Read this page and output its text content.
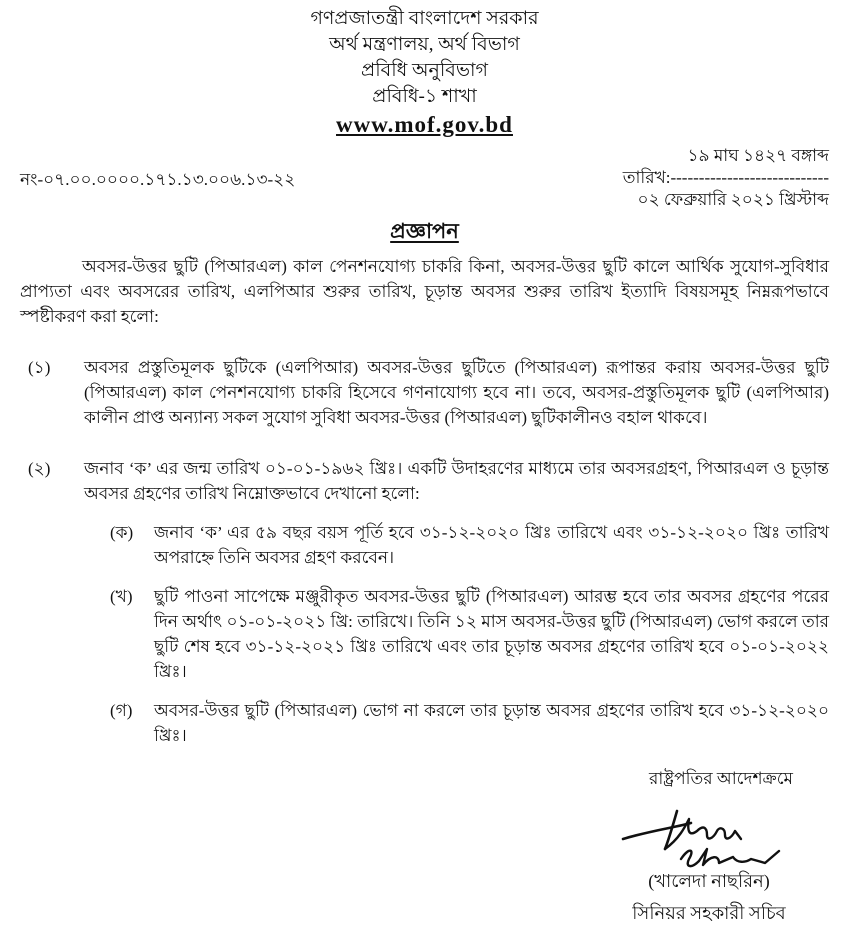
গণপ্রজাতন্ত্রী বাংলাদেশ সরকার
অর্থ মন্ত্রণালয়, অর্থ বিভাগ
প্রবিধি অনুবিভাগ
প্রবিধি-১ শাখা
www.mof.gov.bd
নং-০৭.০০.০০০০.১৭১.১৩.০০৬.১৩-২২
১৯ মাঘ ১৪২৭ বঙ্গাব্দ
তারিখ:----------------------------
০২ ফেব্রুয়ারি ২০২১ খ্রিস্টাব্দ
প্রজ্ঞাপন

অবসর-উত্তর ছুটি (পিআরএল) কাল পেনশনযোগ্য চাকরি কিনা, অবসর-উত্তর ছুটি কালে আর্থিক সুযোগ-সুবিধার প্রাপ্যতা এবং অবসরের তারিখ, এলপিআর শুরুর তারিখ, চূড়ান্ত অবসর শুরুর তারিখ ইত্যাদি বিষয়সমূহ নিম্নরূপভাবে স্পষ্টীকরণ করা হলো:

(১)	অবসর প্রস্তুতিমূলক ছুটিকে (এলপিআর) অবসর-উত্তর ছুটিতে (পিআরএল) রূপান্তর করায় অবসর-উত্তর ছুটি (পিআরএল) কাল পেনশনযোগ্য চাকরি হিসেবে গণনাযোগ্য হবে না। তবে, অবসর-প্রস্তুতিমূলক ছুটি (এলপিআর) কালীন প্রাপ্ত অন্যান্য সকল সুযোগ সুবিধা অবসর-উত্তর (পিআরএল) ছুটিকালীনও বহাল থাকবে।
(২)	জনাব ‘ক’ এর জন্ম তারিখ ০১-০১-১৯৬২ খ্রিঃ। একটি উদাহরণের মাধ্যমে তার অবসরগ্রহণ, পিআরএল ও চূড়ান্ত অবসর গ্রহণের তারিখ নিম্নোক্তভাবে দেখানো হলো:
(ক)	জনাব ‘ক’ এর ৫৯ বছর বয়স পূর্তি হবে ৩১-১২-২০২০ খ্রিঃ তারিখে এবং ৩১-১২-২০২০ খ্রিঃ তারিখ অপরাহ্নে তিনি অবসর গ্রহণ করবেন।
(খ)	ছুটি পাওনা সাপেক্ষে মঞ্জুরীকৃত অবসর-উত্তর ছুটি (পিআরএল) আরম্ভ হবে তার অবসর গ্রহণের পরের দিন অর্থাৎ ০১-০১-২০২১ খ্রি: তারিখে। তিনি ১২ মাস অবসর-উত্তর ছুটি (পিআরএল) ভোগ করলে তার ছুটি শেষ হবে ৩১-১২-২০২১ খ্রিঃ তারিখে এবং তার চূড়ান্ত অবসর গ্রহণের তারিখ হবে ০১-০১-২০২২ খ্রিঃ।
(গ)	অবসর-উত্তর ছুটি (পিআরএল) ভোগ না করলে তার চূড়ান্ত অবসর গ্রহণের তারিখ হবে ৩১-১২-২০২০ খ্রিঃ।
রাষ্ট্রপতির আদেশক্রমে
(খালেদা নাছরিন)
সিনিয়র সহকারী সচিব
